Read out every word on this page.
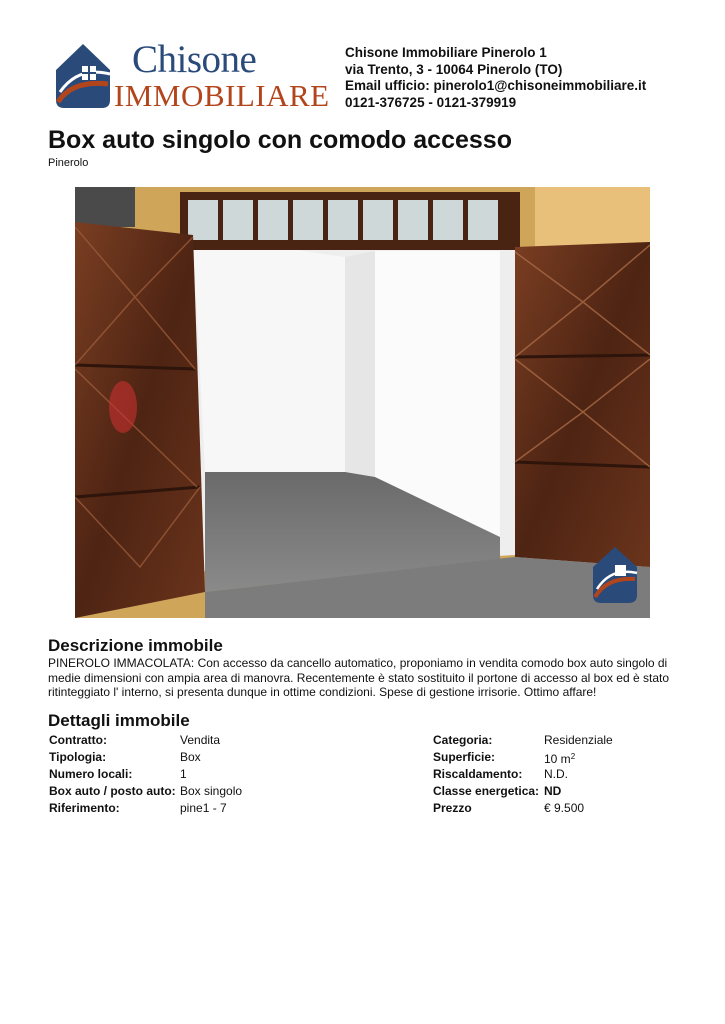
Chisone
IMMOBILIARE
Chisone Immobiliare Pinerolo 1
via Trento, 3 - 10064 Pinerolo (TO)
Email ufficio: pinerolo1@chisoneimmobiliare.it
0121-376725 - 0121-379919
Box auto singolo con comodo accesso
Pinerolo
Descrizione immobile
PINEROLO IMMACOLATA: Con accesso da cancello automatico, proponiamo in vendita comodo box auto singolo di medie dimensioni con ampia area di manovra. Recentemente è stato sostituito il portone di accesso al box ed è stato ritinteggiato l' interno, si presenta dunque in ottime condizioni. Spese di gestione irrisorie. Ottimo affare!
Dettagli immobile
Contratto:	Vendita
Tipologia:	Box
Numero locali:	1
Box auto / posto auto: Box singolo
Riferimento:	pine1 - 7
Categoria:	Residenziale
Superficie:	10 $m^2$
Riscaldamento:	N.D.
Classe energetica: ND
Prezzo	€ 9.500
